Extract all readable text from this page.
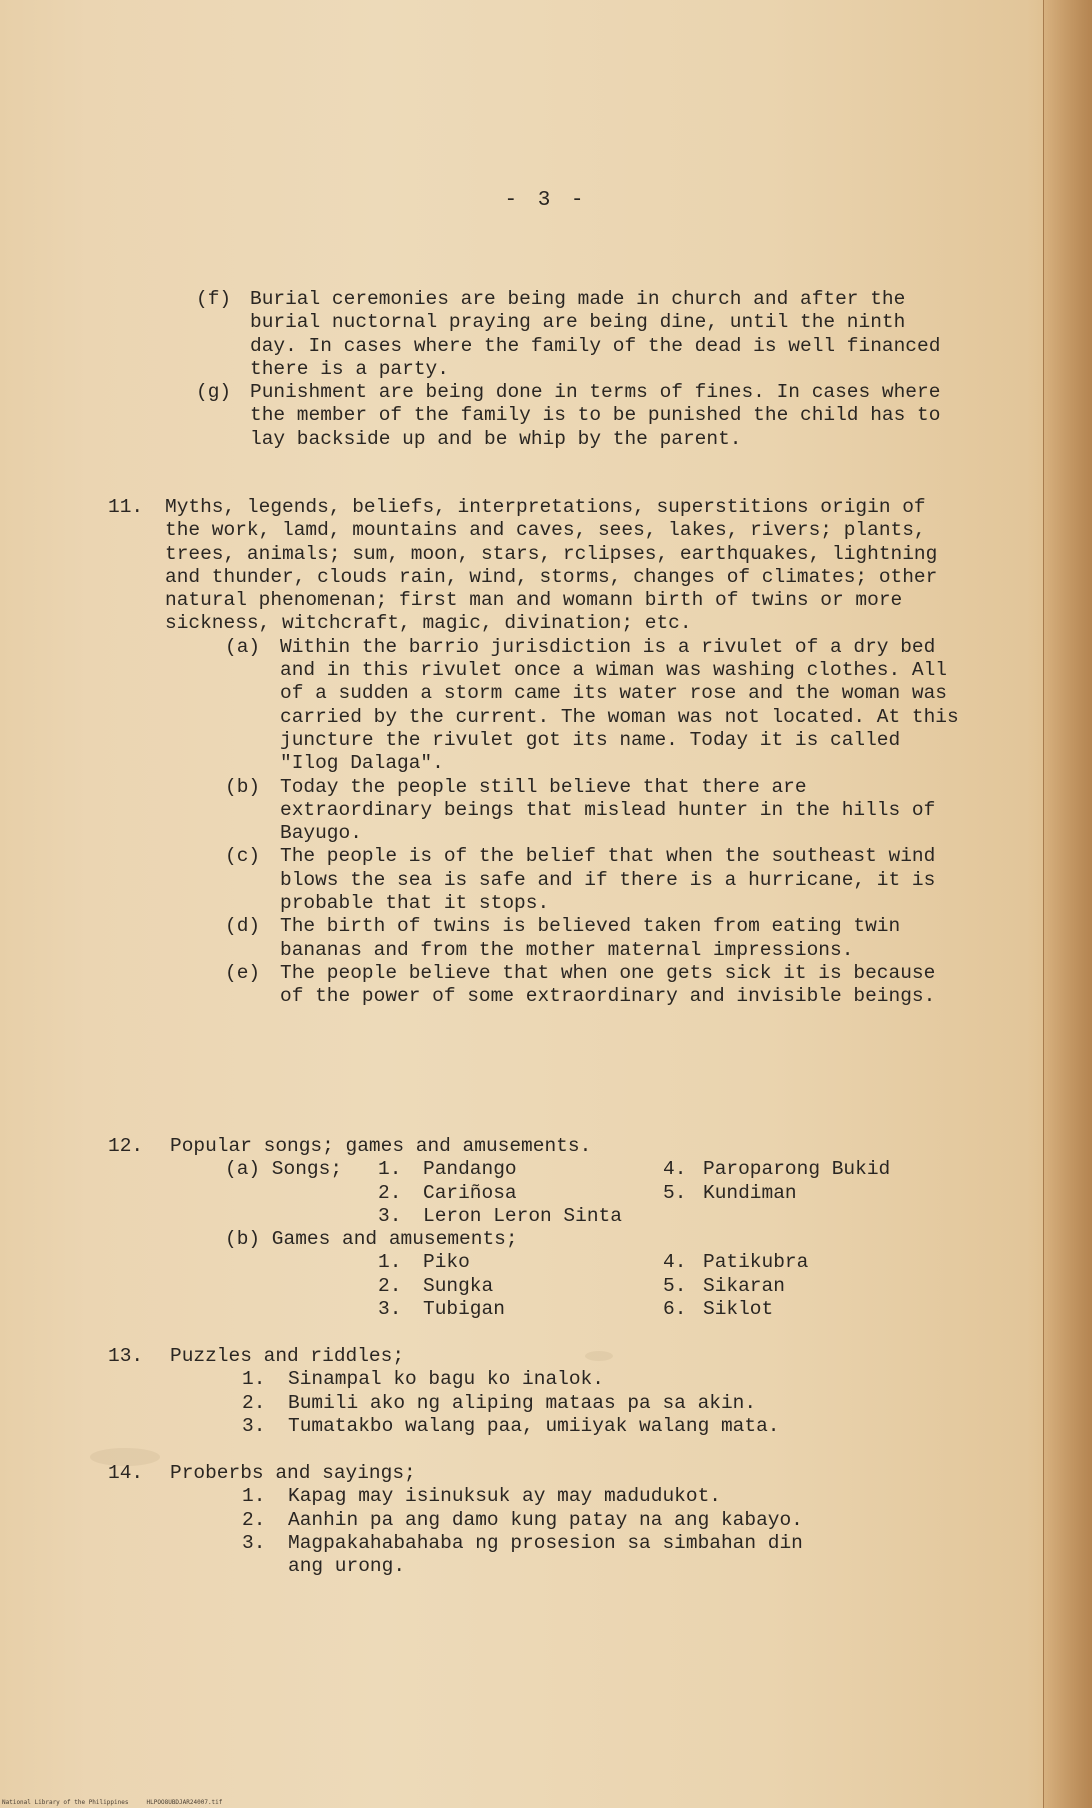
- 3 -
(f) Burial ceremonies are being made in church and after the burial nuctornal praying are being dine, until the ninth day. In cases where the family of the dead is well financed there is a party.
(g) Punishment are being done in terms of fines. In cases where the member of the family is to be punished the child has to lay backside up and be whip by the parent.
11. Myths, legends, beliefs, interpretations, superstitions origin of the work, lamd, mountains and caves, sees, lakes, rivers; plants, trees, animals; sum, moon, stars, rclipses, earthquakes, lightning and thunder, clouds rain, wind, storms, changes of climates; other natural phenomenan; first man and womann birth of twins or more sickness, witchcraft, magic, divination; etc.
(a) Within the barrio jurisdiction is a rivulet of a dry bed and in this rivulet once a wiman was washing clothes. All of a sudden a storm came its water rose and the woman was carried by the current. The woman was not located. At this juncture the rivulet got its name. Today it is called "Ilog Dalaga".
(b) Today the people still believe that there are extraordinary beings that mislead hunter in the hills of Bayugo.
(c) The people is of the belief that when the southeast wind blows the sea is safe and if there is a hurricane, it is probable that it stops.
(d) The birth of twins is believed taken from eating twin bananas and from the mother maternal impressions.
(e) The people believe that when one gets sick it is because of the power of some extraordinary and invisible beings.
12. Popular songs; games and amusements.
(a) Songs; 1. Pandango	4. Paroparong Bukid
2. Cariñosa	5. Kundiman
3. Leron Leron Sinta
(b) Games and amusements;
1. Piko	4. Patikubra
2. Sungka	5. Sikaran
3. Tubigan	6. Siklot
13. Puzzles and riddles;
1. Sinampal ko bagu ko inalok.
2. Bumili ako ng aliping mataas pa sa akin.
3. Tumatakbo walang paa, umiiyak walang mata.
14. Proberbs and sayings;
1. Kapag may isinuksuk ay may madudukot.
2. Aanhin pa ang damo kung patay na ang kabayo.
3. Magpakahabahaba ng prosesion sa simbahan din
ang urong.
National Library of the Philippines	HLPOO8UBDJAR24007.tif
